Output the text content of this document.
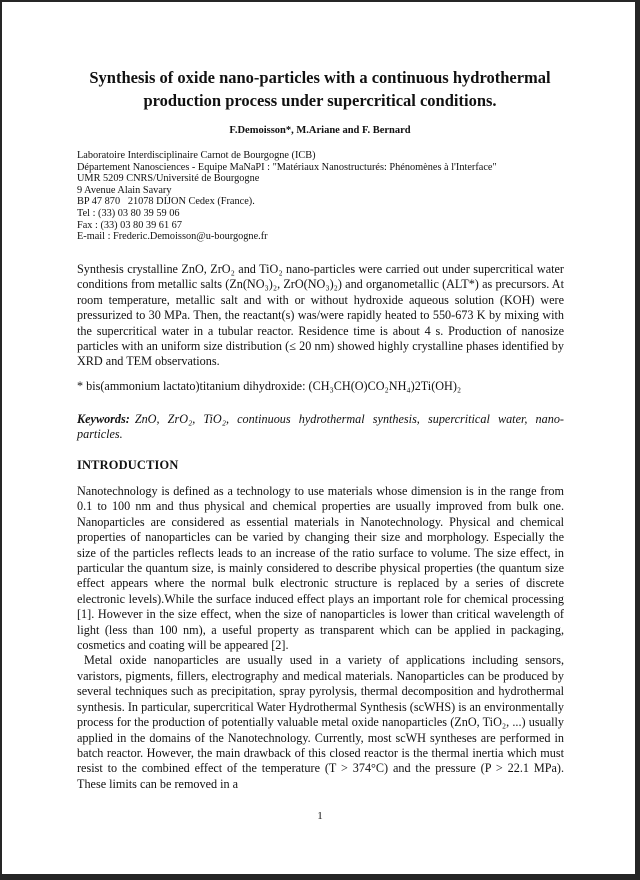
Synthesis of oxide nano-particles with a continuous hydrothermal
production process under supercritical conditions.
F.Demoisson*, M.Ariane and F. Bernard
Laboratoire Interdisciplinaire Carnot de Bourgogne (ICB)
Département Nanosciences - Equipe MaNaPI : "Matériaux Nanostructurés: Phénomènes à l'Interface"
UMR 5209 CNRS/Université de Bourgogne
9 Avenue Alain Savary
BP 47 870   21078 DIJON Cedex (France).
Tel : (33) 03 80 39 59 06
Fax : (33) 03 80 39 61 67
E-mail : Frederic.Demoisson@u-bourgogne.fr
Synthesis crystalline ZnO, ZrO₂ and TiO₂ nano-particles were carried out under supercritical water conditions from metallic salts (Zn(NO₃)₂, ZrO(NO₃)₂) and organometallic (ALT*) as precursors. At room temperature, metallic salt and with or without hydroxide aqueous solution (KOH) were pressurized to 30 MPa. Then, the reactant(s) was/were rapidly heated to 550-673 K by mixing with the supercritical water in a tubular reactor. Residence time is about 4 s. Production of nanosize particles with an uniform size distribution (≤ 20 nm) showed highly crystalline phases identified by XRD and TEM observations.
* bis(ammonium lactato)titanium dihydroxide: (CH₃CH(O)CO₂NH₄)2Ti(OH)₂
Keywords: ZnO, ZrO₂, TiO₂, continuous hydrothermal synthesis, supercritical water, nano-particles.
INTRODUCTION

Nanotechnology is defined as a technology to use materials whose dimension is in the range from 0.1 to 100 nm and thus physical and chemical properties are usually improved from bulk one. Nanoparticles are considered as essential materials in Nanotechnology. Physical and chemical properties of nanoparticles can be varied by changing their size and morphology. Especially the size of the particles reflects leads to an increase of the ratio surface to volume. The size effect, in particular the quantum size, is mainly considered to describe physical properties (the quantum size effect appears where the normal bulk electronic structure is replaced by a series of discrete electronic levels).While the surface induced effect plays an important role for chemical processing [1]. However in the size effect, when the size of nanoparticles is lower than critical wavelength of light (less than 100 nm), a useful property as transparent which can be applied in packaging, cosmetics and coating will be appeared [2].

Metal oxide nanoparticles are usually used in a variety of applications including sensors, varistors, pigments, fillers, electrography and medical materials. Nanoparticles can be produced by several techniques such as precipitation, spray pyrolysis, thermal decomposition and hydrothermal synthesis. In particular, supercritical Water Hydrothermal Synthesis (scWHS) is an environmentally process for the production of potentially valuable metal oxide nanoparticles (ZnO, TiO₂, ...) usually applied in the domains of the Nanotechnology. Currently, most scWH syntheses are performed in batch reactor. However, the main drawback of this closed reactor is the thermal inertia which must resist to the combined effect of the temperature (T > 374°C) and the pressure (P > 22.1 MPa). These limits can be removed in a

1
